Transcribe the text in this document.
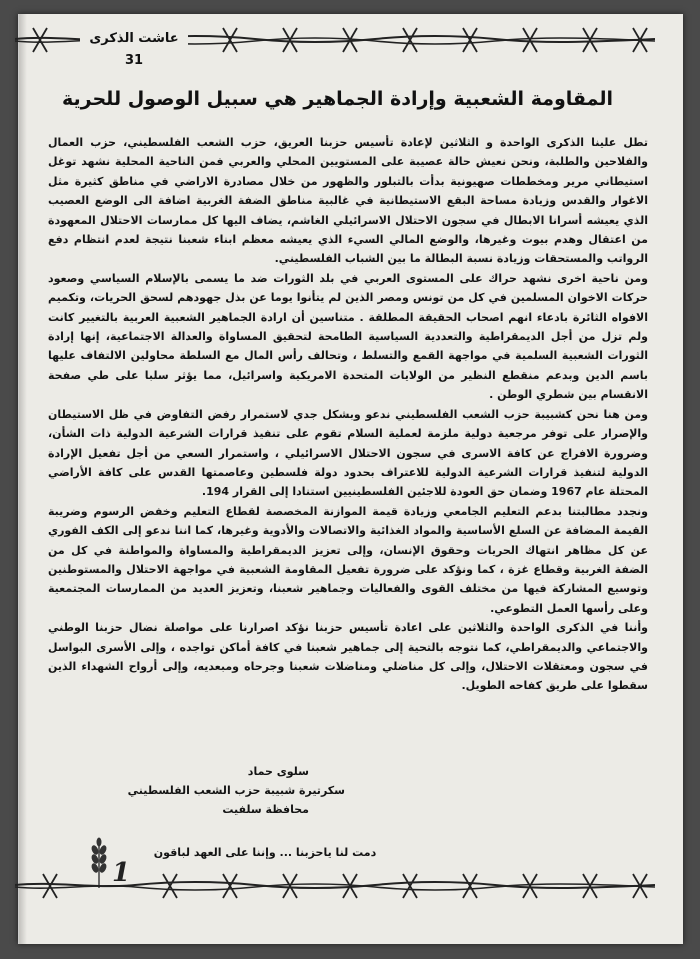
عاشت الذكرى 31
المقاومة الشعبية وإرادة الجماهير هي سبيل الوصول للحرية

تطل علينا الذكرى الواحدة و الثلاثين لإعادة تأسيس حزبنا العريق، حزب الشعب الفلسطيني، حزب العمال والفلاحين والطلبة، ونحن نعيش حالة عصيبة على المستويين المحلي والعربي فمن الناحية المحلية نشهد توغل استيطاني مرير ومخططات صهيونية بدأت بالتبلور والظهور من خلال مصادرة الاراضي في مناطق كثيرة مثل الاغوار والقدس وزيادة مساحة البقع الاستيطانية في غالبية مناطق الضفة الغربية اضافة الى الوضع العصيب الذي يعيشه أسرانا الابطال في سجون الاحتلال الاسرائيلي الغاشم، يضاف اليها كل ممارسات الاحتلال المعهودة من اعتقال وهدم بيوت وغيرها، والوضع المالي السيء الذي يعيشه معظم ابناء شعبنا نتيجة لعدم انتظام دفع الرواتب والمستحقات وزيادة نسبة البطالة ما بين الشباب الفلسطيني.

ومن ناحية اخرى نشهد حراك على المستوى العربي في بلد الثورات ضد ما يسمى بالإسلام السياسي وصعود حركات الاخوان المسلمين في كل من تونس ومصر الذين لم يتأنوا يوما عن بذل جهودهم لسحق الحريات، وتكميم الافواه الثائرة بادعاء انهم اصحاب الحقيقة المطلقة . متناسين أن ارادة الجماهير الشعبية العربية بالتغيير كانت ولم تزل من أجل الديمقراطية والتعددية السياسية الطامحة لتحقيق المساواة والعدالة الاجتماعية، إنها إرادة الثورات الشعبية السلمية في مواجهة القمع والتسلط ، وتحالف رأس المال مع السلطة محاولين الالتفاف عليها باسم الدين وبدعم منقطع النظير من الولايات المتحدة الامريكية واسرائيل، مما يؤثر سلبا على طي صفحة الانقسام بين شطري الوطن .

ومن هنا نحن كشبيبة حزب الشعب الفلسطيني ندعو وبشكل جدي لاستمرار رفض التفاوض في ظل الاستيطان والإصرار على توفر مرجعية دولية ملزمة لعملية السلام تقوم على تنفيذ قرارات الشرعية الدولية ذات الشأن، وضرورة الافراج عن كافة الاسرى في سجون الاحتلال الاسرائيلي ، واستمرار السعي من أجل تفعيل الإرادة الدولية لتنفيذ قرارات الشرعية الدولية للاعتراف بحدود دولة فلسطين وعاصمتها القدس على كافة الأراضي المحتلة عام 1967 وضمان حق العودة للاجئين الفلسطينيين استنادا إلى القرار 194.

ونجدد مطالبتنا بدعم التعليم الجامعي وزيادة قيمة الموازنة المخصصة لقطاع التعليم وخفض الرسوم وضريبة القيمة المضافة عن السلع الأساسية والمواد الغذائية والاتصالات والأدوية وغيرها، كما اننا ندعو إلى الكف الفوري عن كل مظاهر انتهاك الحريات وحقوق الإنسان، وإلى تعزيز الديمقراطية والمساواة والمواطنة في كل من الضفة الغربية وقطاع غزة ، كما ونؤكد على ضرورة تفعيل المقاومة الشعبية في مواجهة الاحتلال والمستوطنين وتوسيع المشاركة فيها من مختلف القوى والفعاليات وجماهير شعبنا، وتعزيز العديد من الممارسات المجتمعية وعلى رأسها العمل التطوعي.

وأننا في الذكرى الواحدة والثلاثين على اعادة تأسيس حزبنا نؤكد اصرارنا على مواصلة نضال حزبنا الوطني والاجتماعي والديمقراطي، كما نتوجه بالتحية إلى جماهير شعبنا في كافة أماكن تواجده ، وإلى الأسرى البواسل في سجون ومعتقلات الاحتلال، وإلى كل مناضلي ومناضلات شعبنا وجرحاه ومبعديه، وإلى أرواح الشهداء الذين سقطوا على طريق كفاحه الطويل.

سلوى حماد
سكرتيرة شبيبة حزب الشعب الفلسطيني
محافظة سلفيت
دمت لنا ياحزبنا ... وإننا على العهد لباقون
1
